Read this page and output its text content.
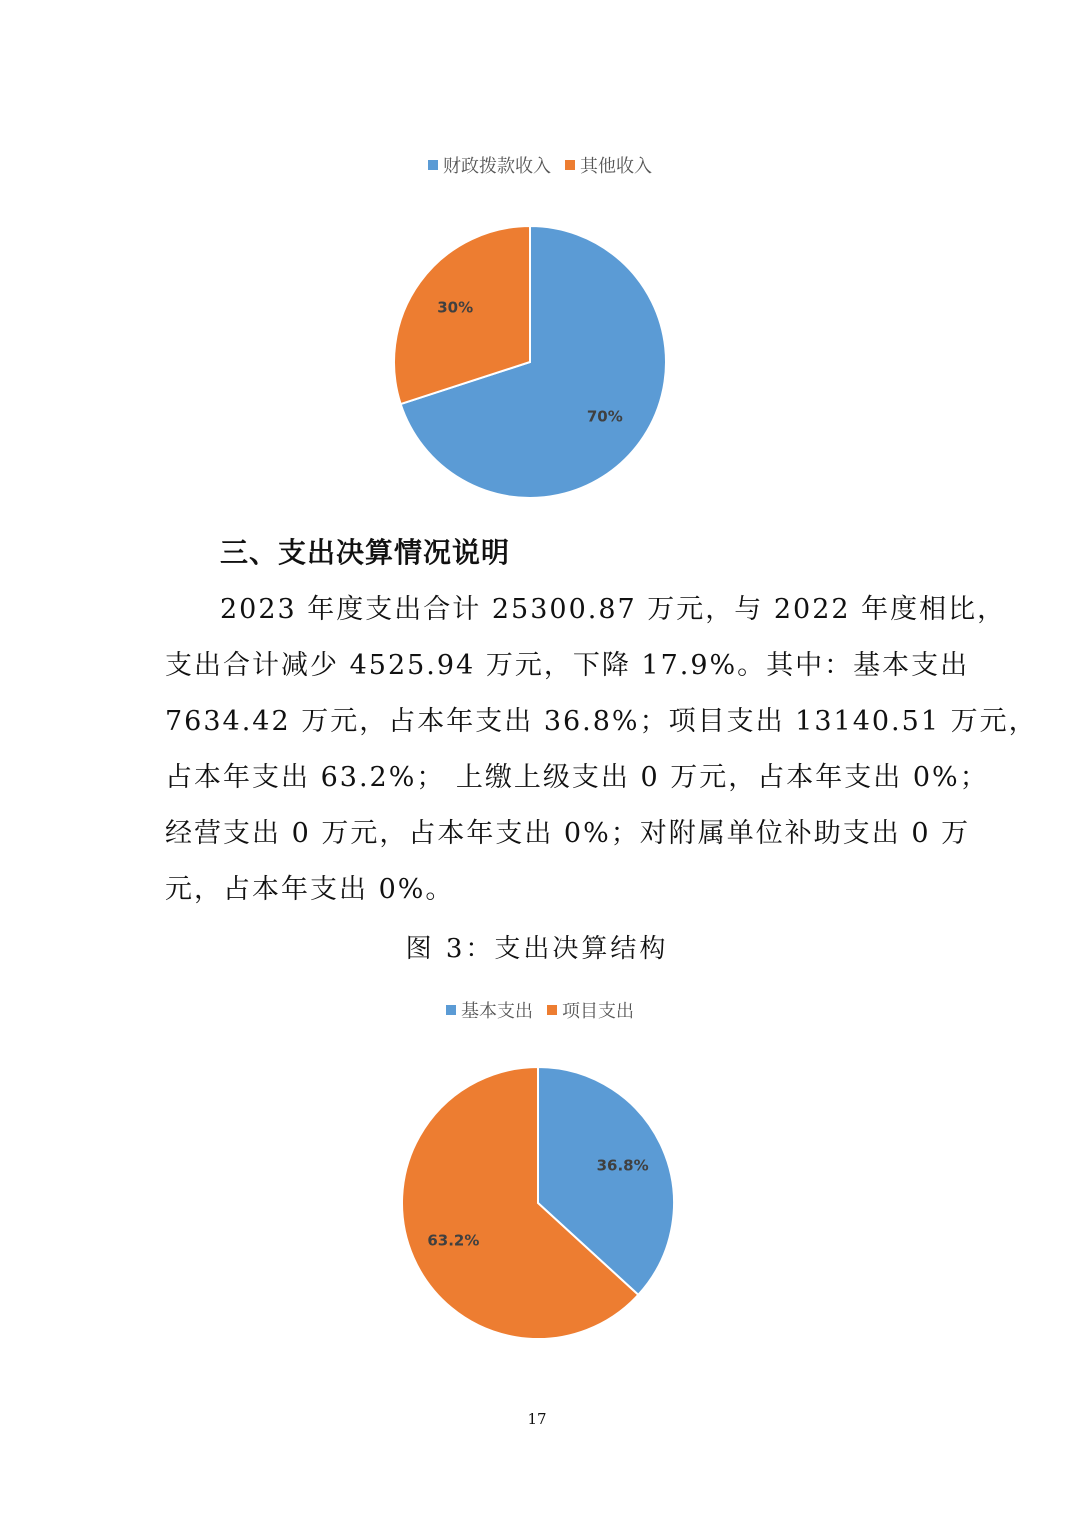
财政拨款收入 其他收入
70%
30%
三、支出决算情况说明

2023 年度支出合计 25300.87 万元，与 2022 年度相比，

支出合计减少 4525.94 万元，下降 17.9%。其中：基本支出

7634.42 万元，占本年支出 36.8%；项目支出 13140.51 万元，

占本年支出 63.2%； 上缴上级支出 0 万元，占本年支出 0%；

经营支出 0 万元，占本年支出 0%；对附属单位补助支出 0 万

元，占本年支出 0%。

图 3：支出决算结构
基本支出 项目支出
36.8%
63.2%
17
